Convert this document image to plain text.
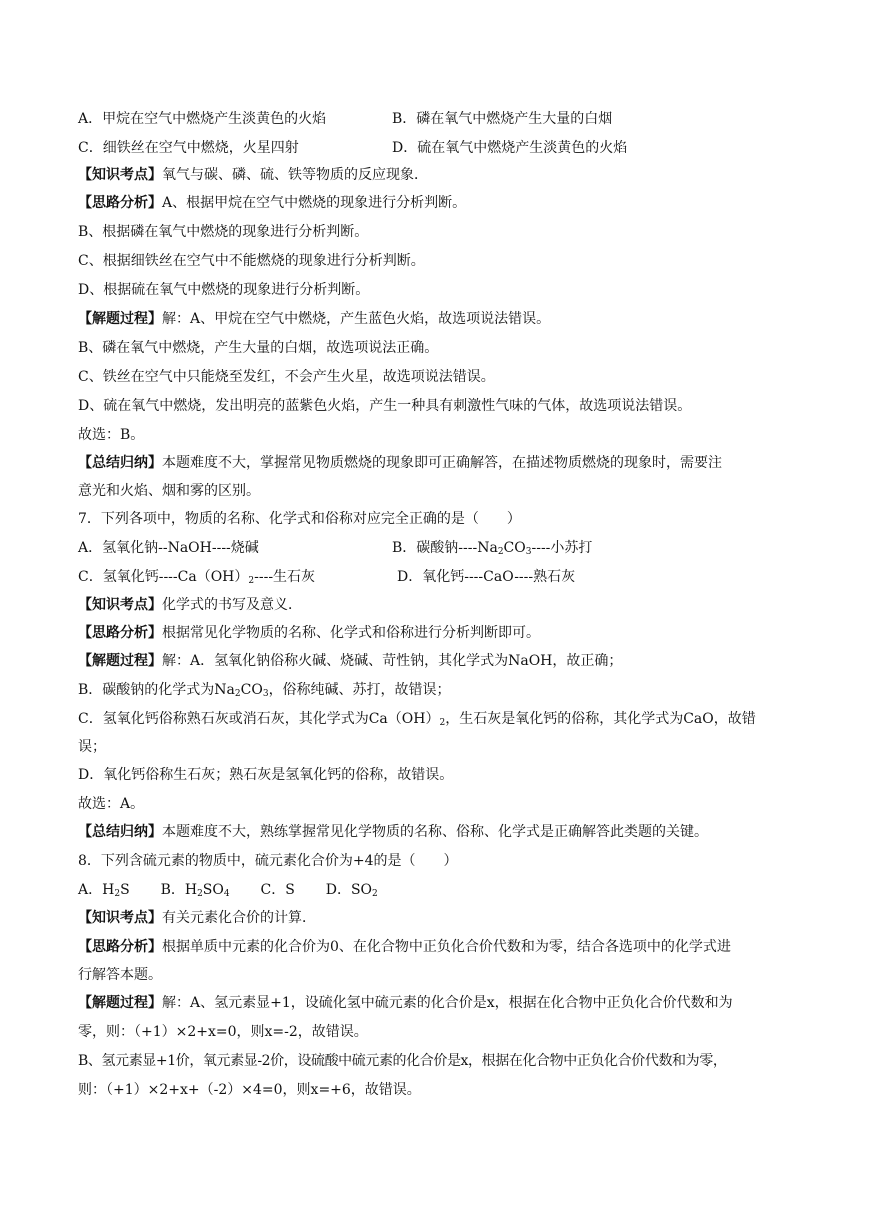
A．甲烷在空气中燃烧产生淡黄色的火焰	B．磷在氧气中燃烧产生大量的白烟
C．细铁丝在空气中燃烧，火星四射	D．硫在氧气中燃烧产生淡黄色的火焰
【知识考点】氧气与碳、磷、硫、铁等物质的反应现象．
【思路分析】A、根据甲烷在空气中燃烧的现象进行分析判断。
B、根据磷在氧气中燃烧的现象进行分析判断。
C、根据细铁丝在空气中不能燃烧的现象进行分析判断。
D、根据硫在氧气中燃烧的现象进行分析判断。
【解题过程】解：A、甲烷在空气中燃烧，产生蓝色火焰，故选项说法错误。
B、磷在氧气中燃烧，产生大量的白烟，故选项说法正确。
C、铁丝在空气中只能烧至发红，不会产生火星，故选项说法错误。
D、硫在氧气中燃烧，发出明亮的蓝紫色火焰，产生一种具有刺激性气味的气体，故选项说法错误。
故选：B。
【总结归纳】本题难度不大，掌握常见物质燃烧的现象即可正确解答，在描述物质燃烧的现象时，需要注
意光和火焰、烟和雾的区别。
7．下列各项中，物质的名称、化学式和俗称对应完全正确的是（　　）
A．氢氧化钠--NaOH----烧碱	B．碳酸钠$----Na_2CO_3----$小苏打
C．氢氧化钙$----Ca(OH)_2----$生石灰	D．氧化钙----CaO----熟石灰
【知识考点】化学式的书写及意义．
【思路分析】根据常见化学物质的名称、化学式和俗称进行分析判断即可。
【解题过程】解：A．氢氧化钠俗称火碱、烧碱、苛性钠，其化学式为NaOH，故正确；
B．碳酸钠的化学式为$Na_2CO_3$，俗称纯碱、苏打，故错误；
C．氢氧化钙俗称熟石灰或消石灰，其化学式为$Ca(OH)_2$，生石灰是氧化钙的俗称，其化学式为CaO，故错
误；
D．氧化钙俗称生石灰；熟石灰是氢氧化钙的俗称，故错误。
故选：A。
【总结归纳】本题难度不大，熟练掌握常见化学物质的名称、俗称、化学式是正确解答此类题的关键。
8．下列含硫元素的物质中，硫元素化合价为+4的是（　　）
A．$H_2S$ B．$H_2SO_4$ C．S D．$SO_2$
【知识考点】有关元素化合价的计算．
【思路分析】根据单质中元素的化合价为0、在化合物中正负化合价代数和为零，结合各选项中的化学式进
行解答本题。
【解题过程】解：A、氢元素显+1，设硫化氢中硫元素的化合价是x，根据在化合物中正负化合价代数和为
零，则：（+1）×2+x=0，则x=-2，故错误。
B、氢元素显+1价，氧元素显-2价，设硫酸中硫元素的化合价是x，根据在化合物中正负化合价代数和为零，
则：（+1）×2+x+（-2）×4=0，则x=+6，故错误。
